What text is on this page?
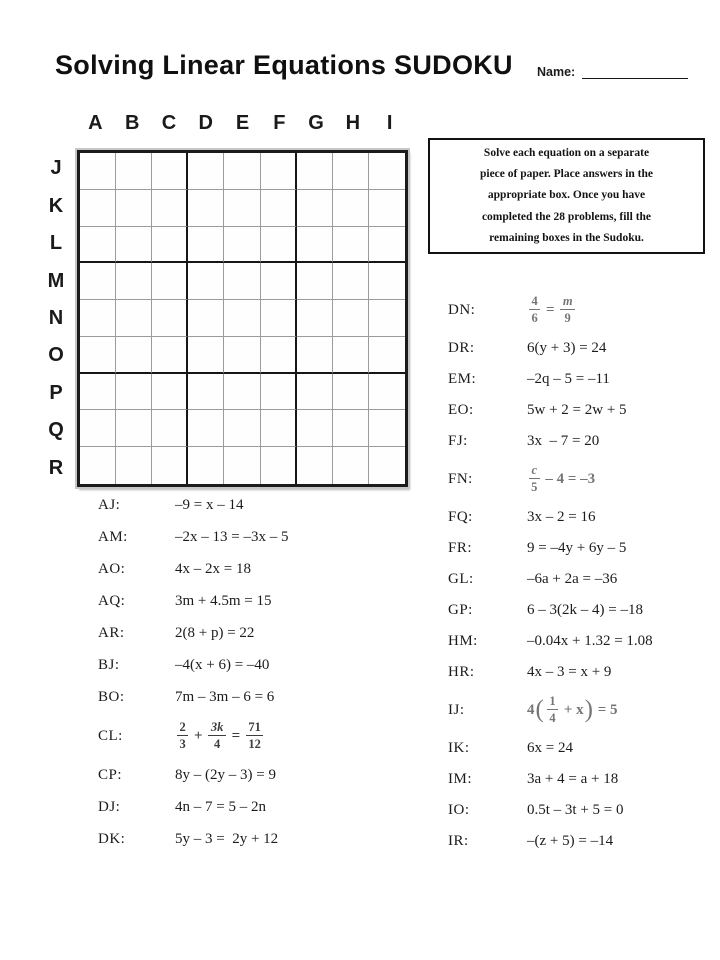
Solving Linear Equations SUDOKU Name:
A	B	C	D	E	F	G	H	I
J
K
L
M
N
O
P
Q
R
Solve each equation on a separate
piece of paper. Place answers in the
appropriate box. Once you have
completed the 28 problems, fill the
remaining boxes in the Sudoku.
AJ:	–9 = x – 14
AM:	–2x – 13 = –3x – 5
AO:	4x – 2x = 18
AQ:	3m + 4.5m = 15
AR:	2(8 + p) = 22
BJ:	–4(x + 6) = –40
BO:	7m – 3m – 6 = 6
CL:	$\frac{2}{3} + \frac{3k}{4} = \frac{71}{12}$
CP:	8y – (2y – 3) = 9
DJ:	4n – 7 = 5 – 2n
DK:	5y – 3 =  2y + 12
DN:	$\frac{4}{6} = \frac{m}{9}$
DR:	6(y + 3) = 24
EM:	–2q – 5 = –11
EO:	5w + 2 = 2w + 5
FJ:	3x  – 7 = 20
FN:	$\frac{c}{5} - 4 = -3$
FQ:	3x – 2 = 16
FR:	9 = –4y + 6y – 5
GL:	–6a + 2a = –36
GP:	6 – 3(2k – 4) = –18
HM:	–0.04x + 1.32 = 1.08
HR:	4x – 3 = x + 9
IJ:	4 ( $\frac{1}{4} + x$ ) = 5
IK:	6x = 24
IM:	3a + 4 = a + 18
IO:	0.5t – 3t + 5 = 0
IR:	–(z + 5) = –14
